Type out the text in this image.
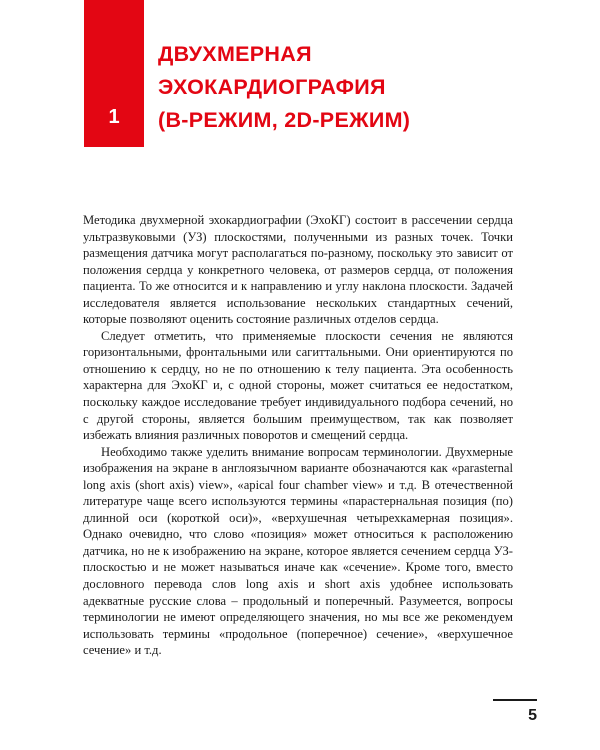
1
ДВУХМЕРНАЯ
ЭХОКАРДИОГРАФИЯ
(B-РЕЖИМ, 2D-РЕЖИМ)

Методика двухмерной эхокардиографии (ЭхоКГ) состоит в рассечении сердца ультразвуковыми (УЗ) плоскостями, полученными из разных точек. Точки размещения датчика могут располагаться по-разному, поскольку это зависит от положения сердца у конкретного человека, от размеров сердца, от положения пациента. То же относится и к направлению и углу наклона плоскости. Задачей исследователя является использование нескольких стандартных сечений, которые позволяют оценить состояние различных отделов сердца.

Следует отметить, что применяемые плоскости сечения не являются горизонтальными, фронтальными или сагиттальными. Они ориентируются по отношению к сердцу, но не по отношению к телу пациента. Эта особенность характерна для ЭхоКГ и, с одной стороны, может считаться ее недостатком, поскольку каждое исследование требует индивидуального подбора сечений, но с другой стороны, является большим преимуществом, так как позволяет избежать влияния различных поворотов и смещений сердца.

Необходимо также уделить внимание вопросам терминологии. Двухмерные изображения на экране в англоязычном варианте обозначаются как «parasternal long axis (short axis) view», «apical four chamber view» и т.д. В отечественной литературе чаще всего используются термины «парастернальная позиция (по) длинной оси (короткой оси)», «верхушечная четырехкамерная позиция». Однако очевидно, что слово «позиция» может относиться к расположению датчика, но не к изображению на экране, которое является сечением сердца УЗ-плоскостью и не может называться иначе как «сечение». Кроме того, вместо дословного перевода слов long axis и short axis удобнее использовать адекватные русские слова – продольный и поперечный. Разумеется, вопросы терминологии не имеют определяющего значения, но мы все же рекомендуем использовать термины «продольное (поперечное) сечение», «верхушечное сечение» и т.д.

5
